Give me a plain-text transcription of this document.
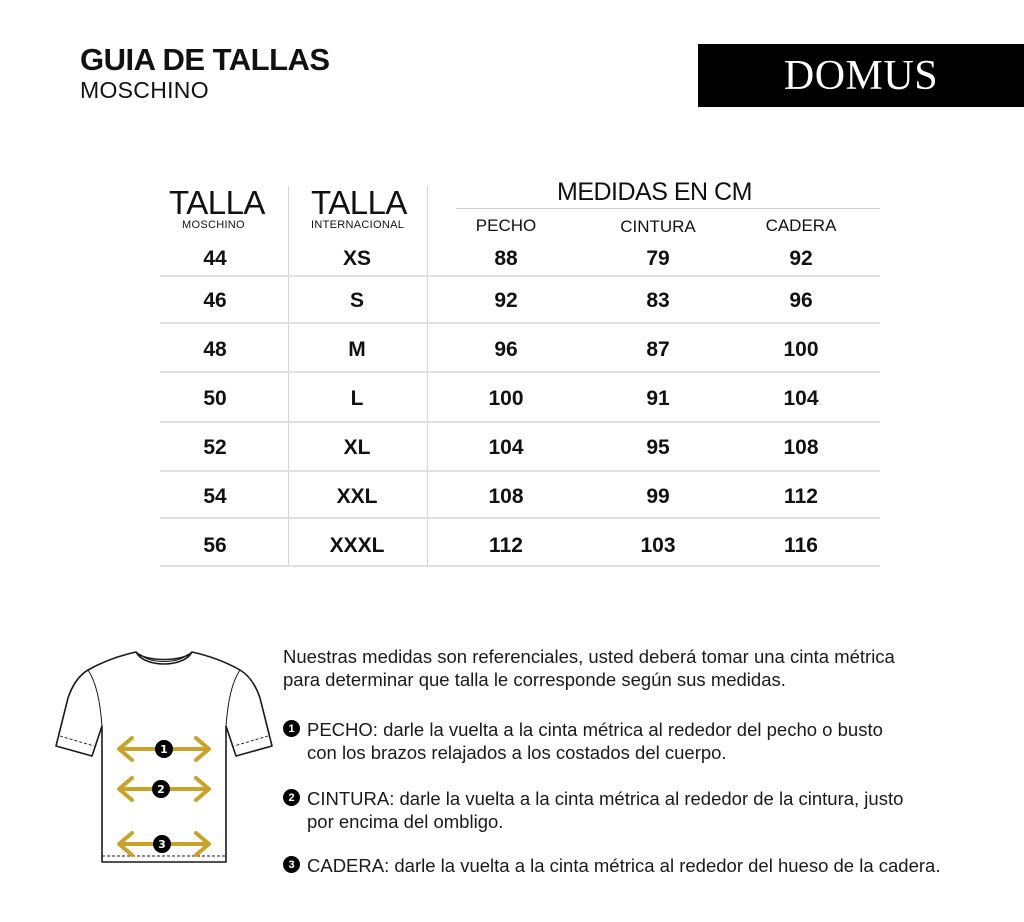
GUIA DE TALLAS
MOSCHINO	DOMUS
TALLA
MOSCHINO
TALLA
INTERNACIONAL
MEDIDAS EN CM
PECHO	CINTURA	CADERA
44	XS	88	79	92
46	S	92	83	96
48	M	96	87	100
50	L	100	91	104
52	XL	104	95	108
54	XXL	108	99	112
56	XXXL	112	103	116
1
2
3

Nuestras medidas son referenciales, usted deberá tomar una cinta métrica
para determinar que talla le corresponde según sus medidas.

1 PECHO: darle la vuelta a la cinta métrica al rededor del pecho o busto
con los brazos relajados a los costados del cuerpo.
2 CINTURA: darle la vuelta a la cinta métrica al rededor de la cintura, justo
por encima del ombligo.
3 CADERA: darle la vuelta a la cinta métrica al rededor del hueso de la cadera.
